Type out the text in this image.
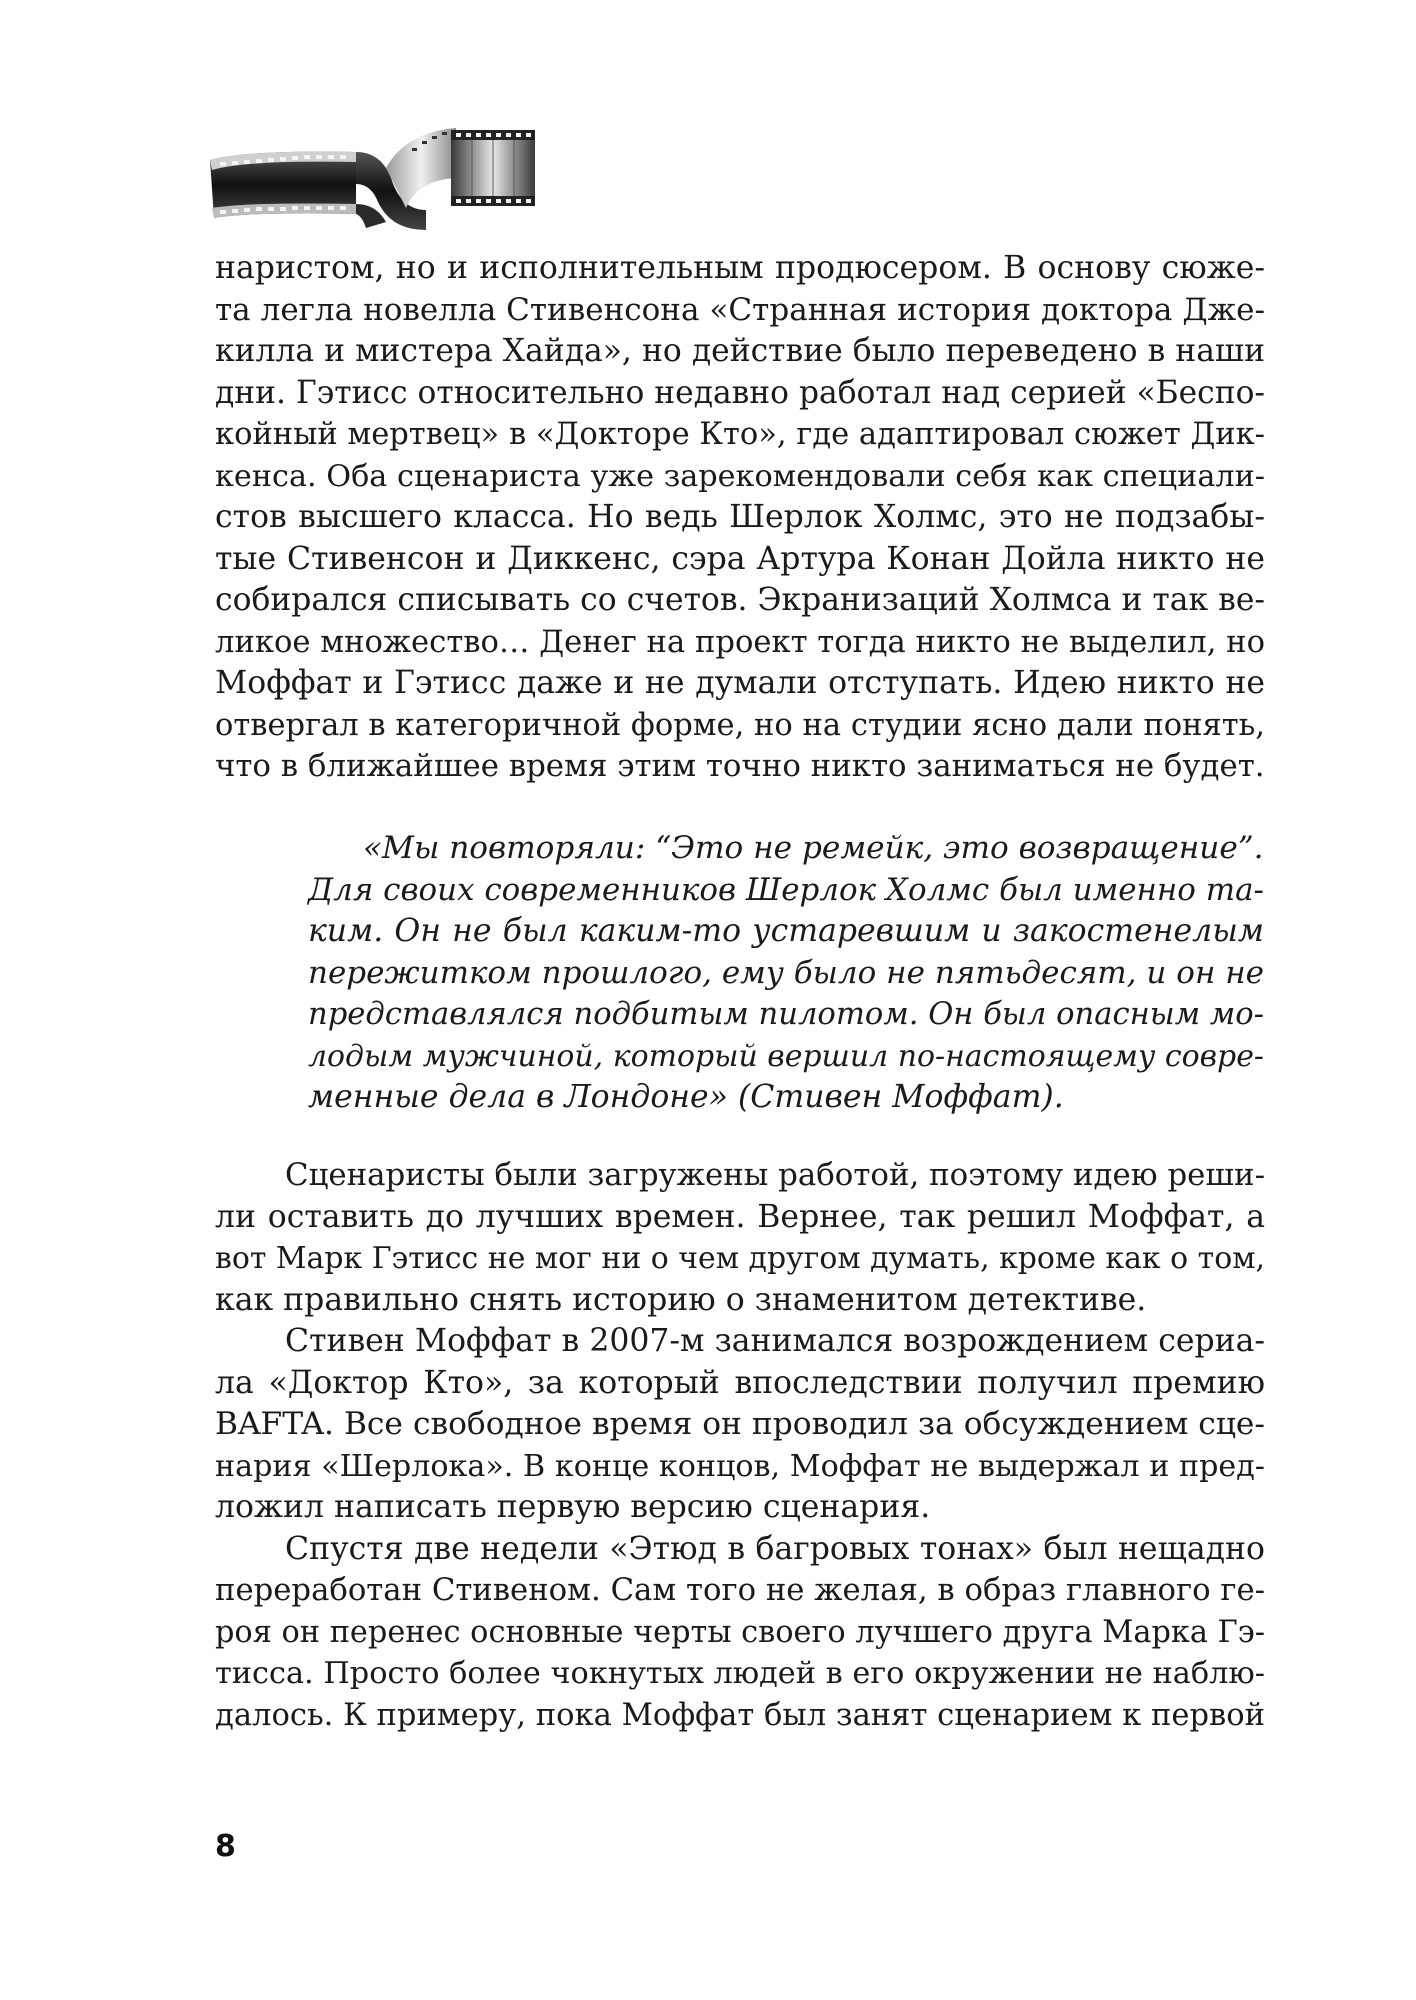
наристом, но и исполнительным продюсером. В основу сюже-
та легла новелла Стивенсона «Странная история доктора Дже-
килла и мистера Хайда», но действие было переведено в наши
дни. Гэтисс относительно недавно работал над серией «Беспо-
койный мертвец» в «Докторе Кто», где адаптировал сюжет Дик-
кенса. Оба сценариста уже зарекомендовали себя как специали-
стов высшего класса. Но ведь Шерлок Холмс, это не подзабы-
тые Стивенсон и Диккенс, сэра Артура Конан Дойла никто не
собирался списывать со счетов. Экранизаций Холмса и так ве-
ликое множество… Денег на проект тогда никто не выделил, но
Моффат и Гэтисс даже и не думали отступать. Идею никто не
отвергал в категоричной форме, но на студии ясно дали понять,
что в ближайшее время этим точно никто заниматься не будет.
«Мы повторяли: “Это не ремейк, это возвращение”.
Для своих современников Шерлок Холмс был именно та-
ким. Он не был каким-то устаревшим и закостенелым
пережитком прошлого, ему было не пятьдесят, и он не
представлялся подбитым пилотом. Он был опасным мо-
лодым мужчиной, который вершил по-настоящему совре-
менные дела в Лондоне» (Стивен Моффат).
Сценаристы были загружены работой, поэтому идею реши-
ли оставить до лучших времен. Вернее, так решил Моффат, а
вот Марк Гэтисс не мог ни о чем другом думать, кроме как о том,
как правильно снять историю о знаменитом детективе.
Стивен Моффат в 2007-м занимался возрождением сериа-
ла «Доктор Кто», за который впоследствии получил премию
BAFTA. Все свободное время он проводил за обсуждением сце-
нария «Шерлока». В конце концов, Моффат не выдержал и пред-
ложил написать первую версию сценария.
Спустя две недели «Этюд в багровых тонах» был нещадно
переработан Стивеном. Сам того не желая, в образ главного ге-
роя он перенес основные черты своего лучшего друга Марка Гэ-
тисса. Просто более чокнутых людей в его окружении не наблю-
далось. К примеру, пока Моффат был занят сценарием к первой
8
